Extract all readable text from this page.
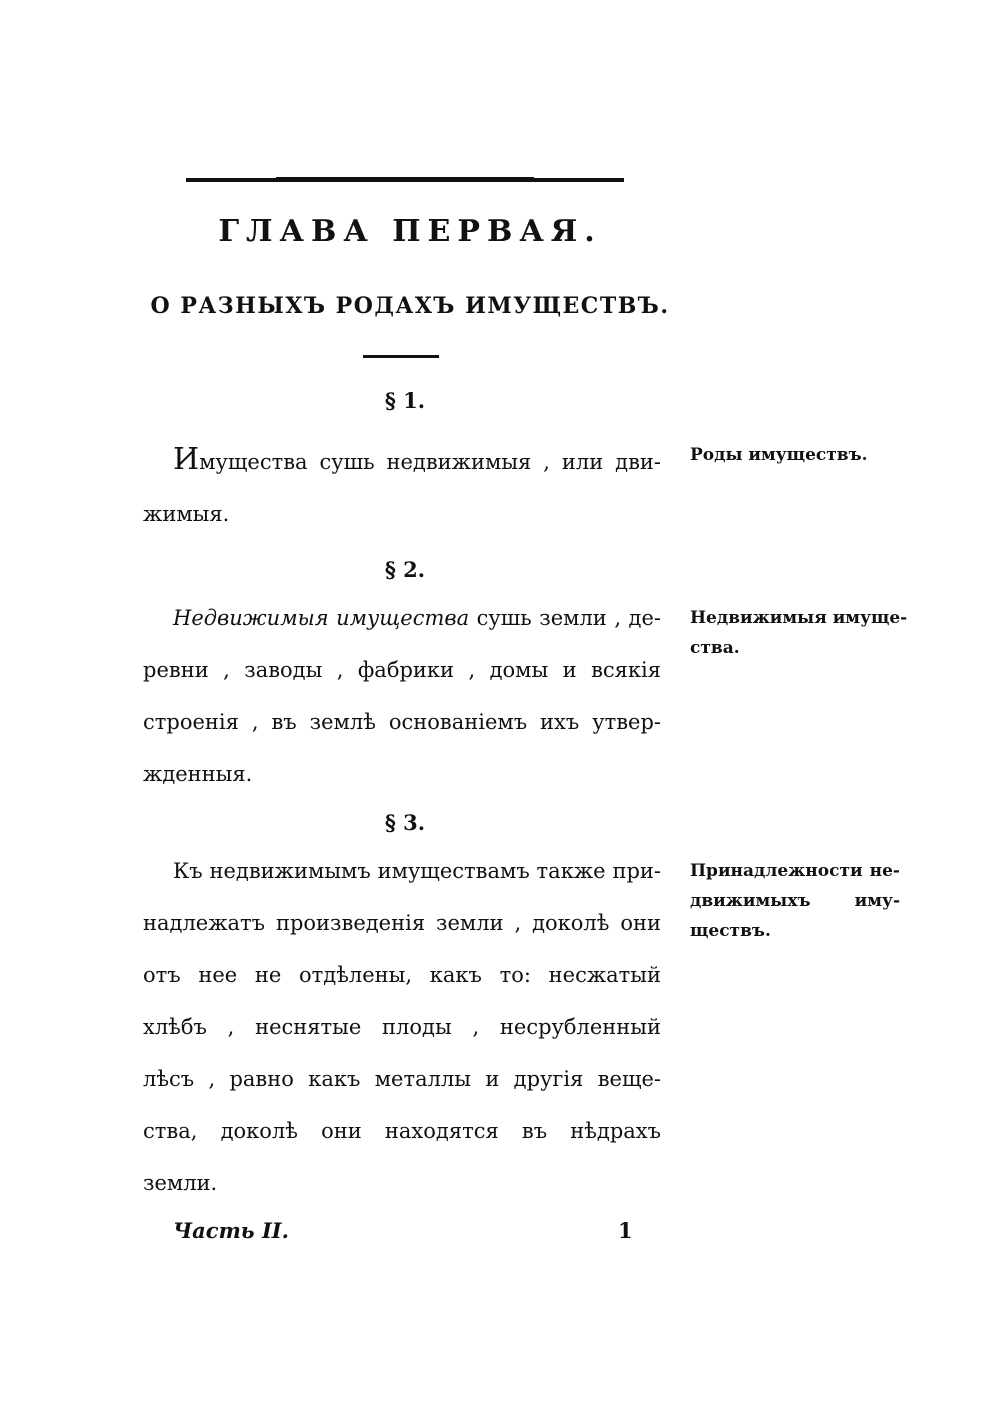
ГЛАВА ПЕРВАЯ.
О РАЗНЫХЪ РОДАХЪ ИМУЩЕСТВЪ.
§ 1.
Имуществa сушь недвижимыя , или дви-
жимыя.
Роды имуществъ.
§ 2.
Недвижимыя имущества сушь земли , де-
ревни , заводы , фабрики , домы и всякія
строенія , въ землѣ основаніемъ ихъ утвер-
жденныя.
Недвижимыя имуще-
ства.
§ 3.
Къ недвижимымъ имуществамъ также при-
надлежатъ произведенія земли , доколѣ они
отъ нее не отдѣлены, какъ то: несжатый
хлѣбъ , неснятые плоды , несрубленный
лѣсъ , равно какъ металлы и другія веще-
ства, доколѣ они находятся въ нѣдрахъ
земли.
Принадлежности не-
движимыхъ иму-
ществъ.
Часть II.	1
